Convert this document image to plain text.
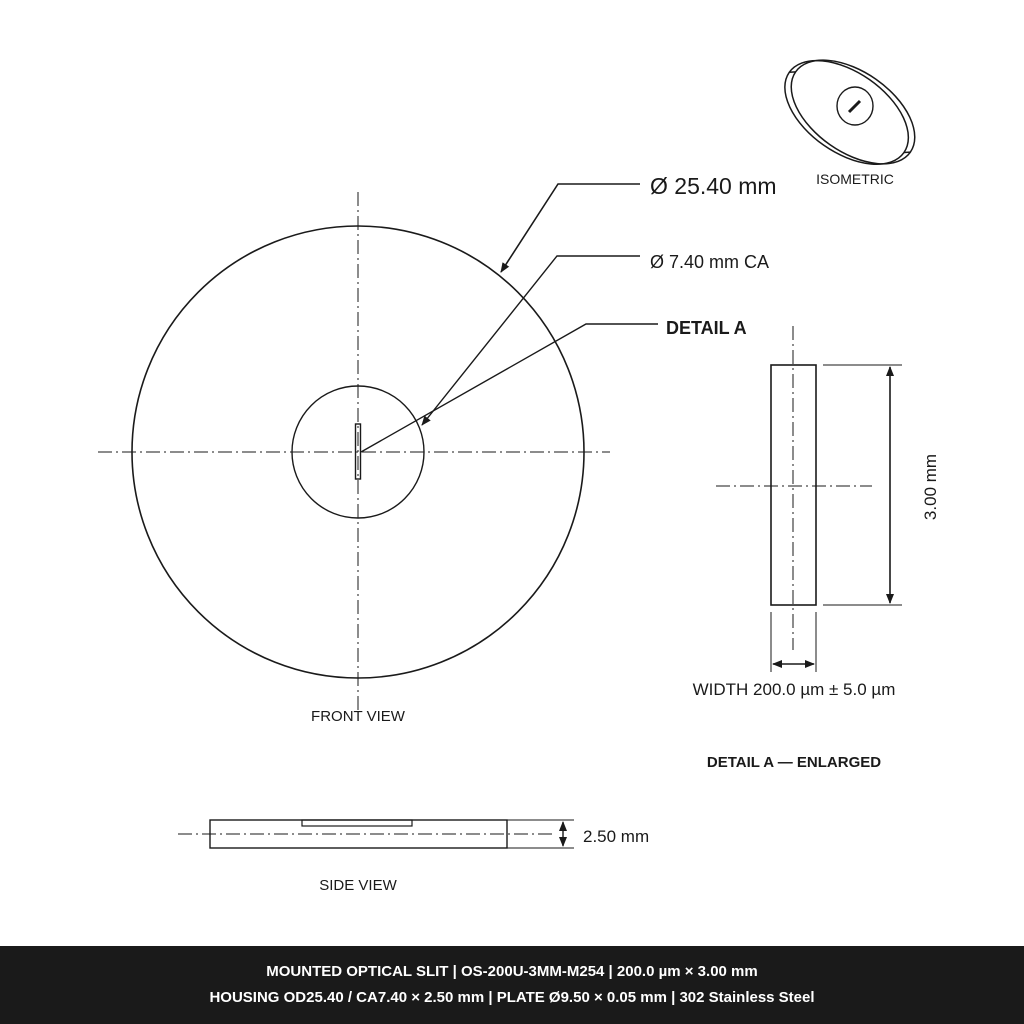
Ø 25.40 mm
Ø 7.40 mm CA
DETAIL A
FRONT VIEW
ISOMETRIC
2.50 mm
SIDE VIEW
3.00 mm
WIDTH 200.0 µm ± 5.0 µm
DETAIL A — ENLARGED
MOUNTED OPTICAL SLIT | OS-200U-3MM-M254 | 200.0 µm × 3.00 mm
HOUSING OD25.40 / CA7.40 × 2.50 mm | PLATE Ø9.50 × 0.05 mm | 302 Stainless Steel
